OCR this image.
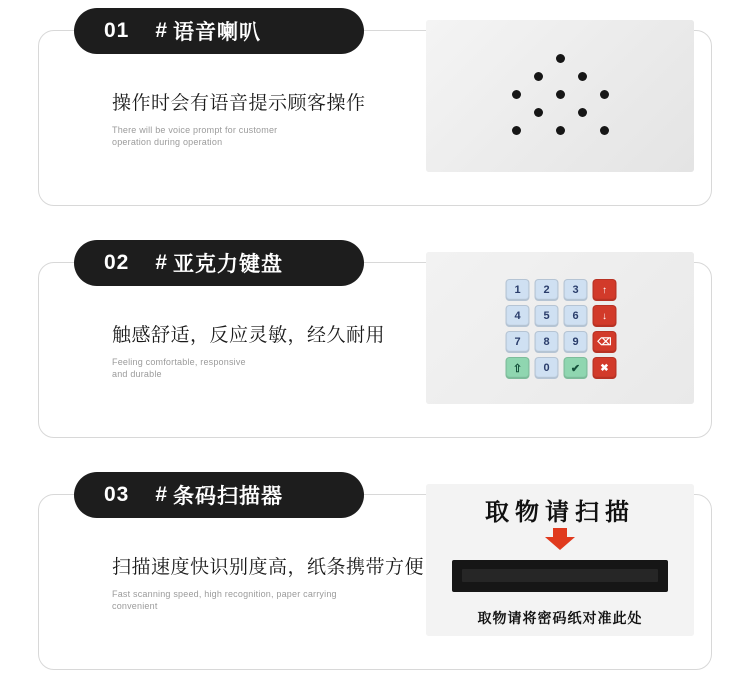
01 # 语音喇叭
操作时会有语音提示顾客操作
There will be voice prompt for customer
operation during operation
02 # 亚克力键盘
触感舒适，反应灵敏，经久耐用
Feeling comfortable, responsive
and durable
1	2	3	↑
4	5	6	↓
7	8	9	⌫
⇧	0	✔	✖
03 # 条码扫描器
扫描速度快识别度高，纸条携带方便
Fast scanning speed, high recognition, paper carrying
convenient
取物请扫描
取物请将密码纸对准此处
